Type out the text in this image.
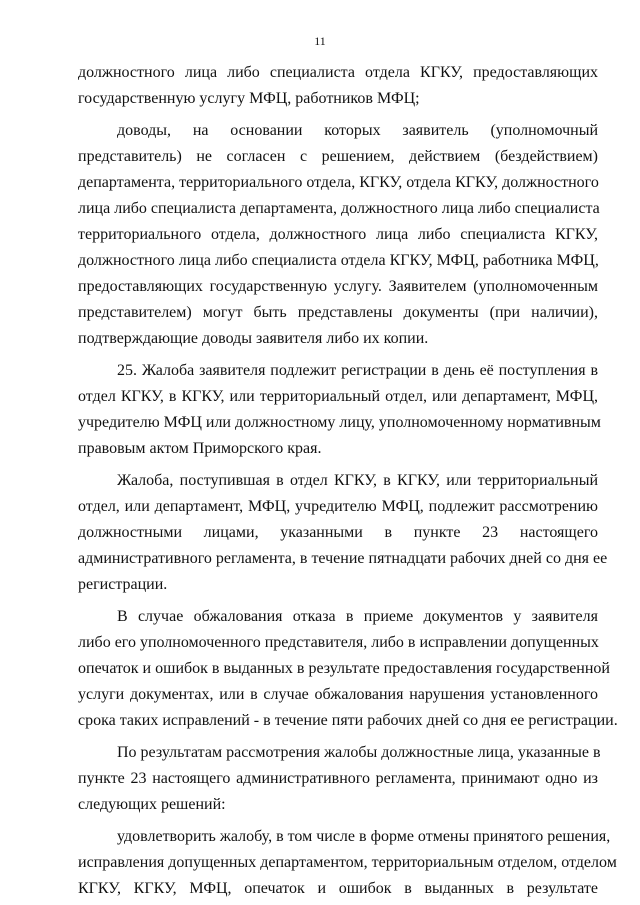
11
должностного лица либо специалиста отдела КГКУ, предоставляющих
государственную услугу МФЦ, работников МФЦ;
доводы, на основании которых заявитель (уполномочный
представитель) не согласен с решением, действием (бездействием)
департамента, территориального отдела, КГКУ, отдела КГКУ, должностного
лица либо специалиста департамента, должностного лица либо специалиста
территориального отдела, должностного лица либо специалиста КГКУ,
должностного лица либо специалиста отдела КГКУ, МФЦ, работника МФЦ,
предоставляющих государственную услугу. Заявителем (уполномоченным
представителем) могут быть представлены документы (при наличии),
подтверждающие доводы заявителя либо их копии.
25. Жалоба заявителя подлежит регистрации в день её поступления в
отдел КГКУ, в КГКУ, или территориальный отдел, или департамент, МФЦ,
учредителю МФЦ или должностному лицу, уполномоченному нормативным
правовым актом Приморского края.
Жалоба, поступившая в отдел КГКУ, в КГКУ, или территориальный
отдел, или департамент, МФЦ, учредителю МФЦ, подлежит рассмотрению
должностными лицами, указанными в пункте 23 настоящего
административного регламента, в течение пятнадцати рабочих дней со дня ее
регистрации.
В случае обжалования отказа в приеме документов у заявителя
либо его уполномоченного представителя, либо в исправлении допущенных
опечаток и ошибок в выданных в результате предоставления государственной
услуги документах, или в случае обжалования нарушения установленного
срока таких исправлений - в течение пяти рабочих дней со дня ее регистрации.
По результатам рассмотрения жалобы должностные лица, указанные в
пункте 23 настоящего административного регламента, принимают одно из
следующих решений:
удовлетворить жалобу, в том числе в форме отмены принятого решения,
исправления допущенных департаментом, территориальным отделом, отделом
КГКУ, КГКУ, МФЦ, опечаток и ошибок в выданных в результате
